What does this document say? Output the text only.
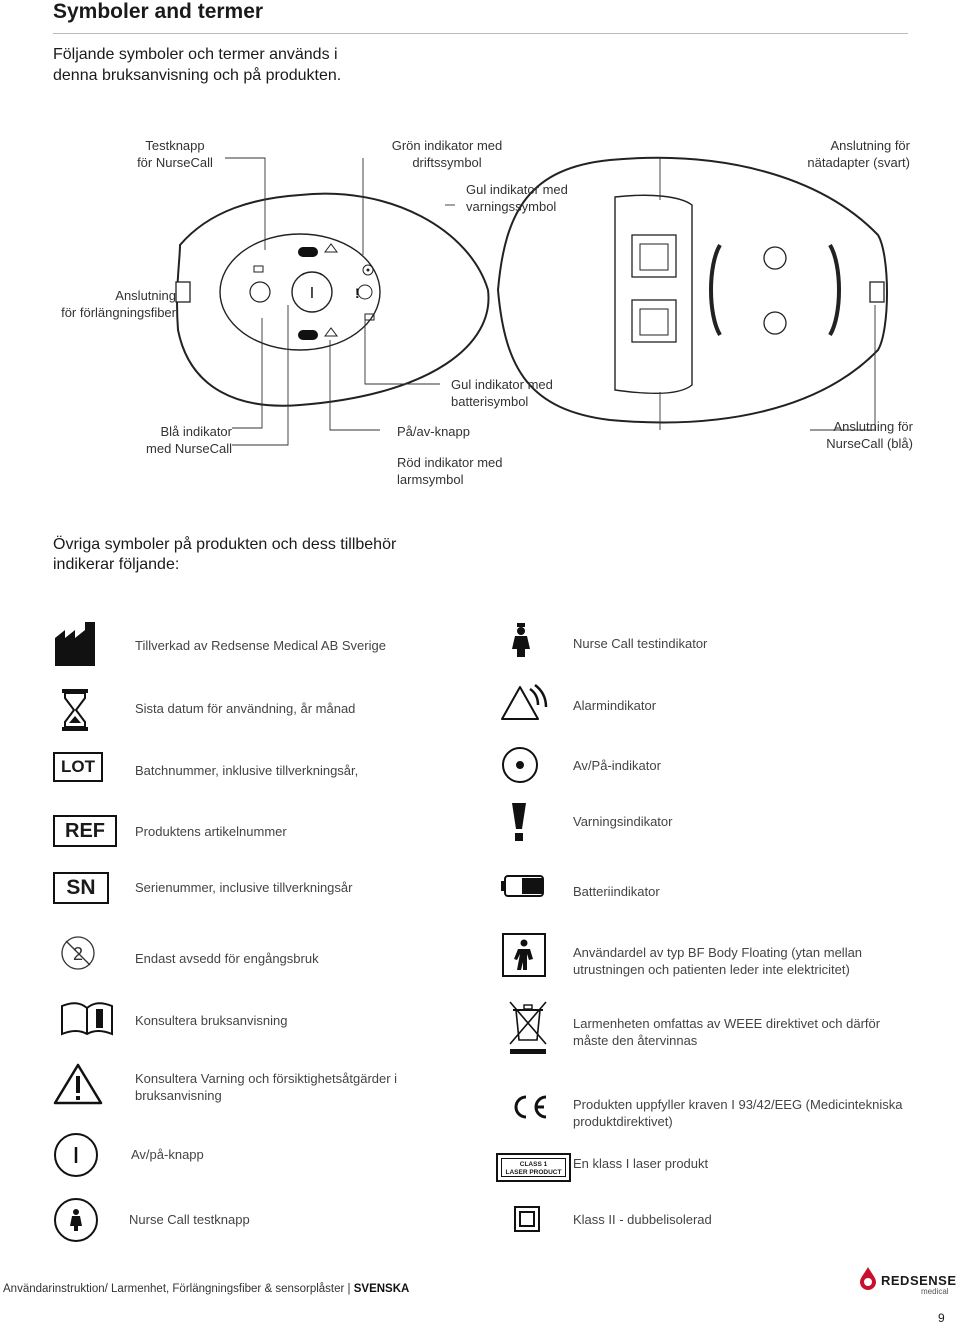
Symboler and termer
Följande symboler och termer används i denna bruksanvisning och på produkten.
I	!
Testknapp
för NurseCall
Grön indikator med
driftssymbol
Anslutning för
nätadapter (svart)
Gul indikator med
varningssymbol
Anslutning
för förlängningsfiber
Gul indikator med
batterisymbol
Blå indikator
med NurseCall
På/av-knapp
Röd indikator med
larmsymbol
Anslutning för
NurseCall (blå)
Övriga symboler på produkten och dess tillbehör indikerar följande:
Tillverkad av Redsense Medical AB Sverige
Sista datum för användning, år månad
LOT	Batchnummer, inklusive tillverkningsår,
REF	Produktens artikelnummer
SN	Serienummer, inclusive tillverkningsår
2	Endast avsedd för engångsbruk
Konsultera bruksanvisning
Konsultera Varning och försiktighetsåtgärder i bruksanvisning
Av/på-knapp
Nurse Call testknapp
Nurse Call testindikator
Alarmindikator
Av/På-indikator
Varningsindikator
Batteriindikator
Användardel av typ BF Body Floating (ytan mellan utrustningen och patienten leder inte elektricitet)
Larmenheten omfattas av WEEE direktivet och därför måste den återvinnas
Produkten uppfyller kraven I 93/42/EEG (Medicintekniska produktdirektivet)
CLASS 1
LASER PRODUCT
En klass I laser produkt
Klass II - dubbelisolerad
Användarinstruktion/ Larmenhet, Förlängningsfiber & sensorplåster | SVENSKA
REDSENSE
medical
9
